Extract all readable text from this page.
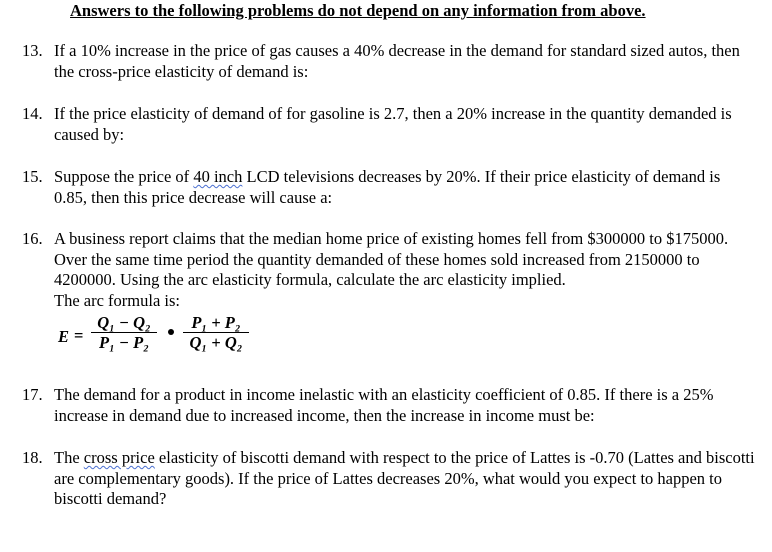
Answers to the following problems do not depend on any information from above.
13. If a 10% increase in the price of gas causes a 40% decrease in the demand for standard sized autos, then the cross-price elasticity of demand is:
14. If the price elasticity of demand of for gasoline is 2.7, then a 20% increase in the quantity demanded is caused by:
15. Suppose the price of 40 inch LCD televisions decreases by 20%. If their price elasticity of demand is 0.85, then this price decrease will cause a:
16. A business report claims that the median home price of existing homes fell from $300000 to $175000. Over the same time period the quantity demanded of these homes sold increased from 2150000 to 4200000. Using the arc elasticity formula, calculate the arc elasticity implied.
The arc formula is:
E =
Q₁ − Q₂
P₁ − P₂
P₁ + P₂
Q₁ + Q₂
17. The demand for a product in income inelastic with an elasticity coefficient of 0.85. If there is a 25% increase in demand due to increased income, then the increase in income must be:
18. The cross price elasticity of biscotti demand with respect to the price of Lattes is -0.70 (Lattes and biscotti are complementary goods). If the price of Lattes decreases 20%, what would you expect to happen to biscotti demand?
